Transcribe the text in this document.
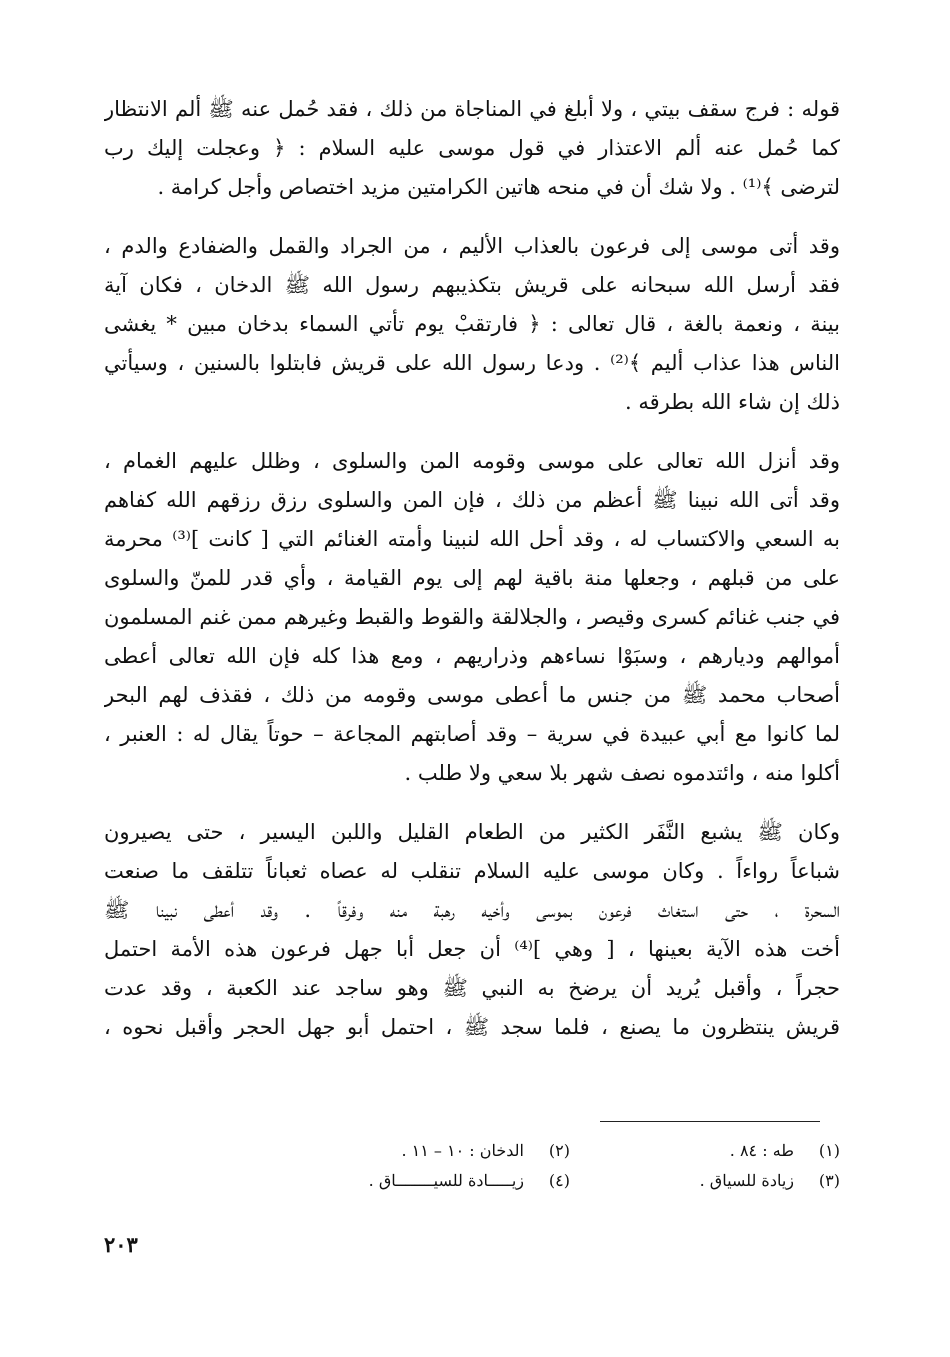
قوله : فرج سقف بيتي ، ولا أبلغ في المناجاة من ذلك ، فقد حُمل عنه ﷺ ألم الانتظار
كما حُمل عنه ألم الاعتذار في قول موسى عليه السلام : ﴿ وعجلت إليك رب
لترضى ﴾⁽¹⁾ . ولا شك أن في منحه هاتين الكرامتين مزيد اختصاص وأجل كرامة .
وقد أتى موسى إلى فرعون بالعذاب الأليم ، من الجراد والقمل والضفادع والدم ،
فقد أرسل الله سبحانه على قريش بتكذيبهم رسول الله ﷺ الدخان ، فكان آية
بينة ، ونعمة بالغة ، قال تعالى : ﴿ فارتقبْ يوم تأتي السماء بدخان مبين * يغشى
الناس هذا عذاب أليم ﴾⁽²⁾ . ودعا رسول الله على قريش فابتلوا بالسنين ، وسيأتي
ذلك إن شاء الله بطرقه .
وقد أنزل الله تعالى على موسى وقومه المن والسلوى ، وظلل عليهم الغمام ،
وقد أتى الله نبينا ﷺ أعظم من ذلك ، فإن المن والسلوى رزق رزقهم الله كفاهم
به السعي والاكتساب له ، وقد أحل الله لنبينا وأمته الغنائم التي [ كانت ]⁽³⁾ محرمة
على من قبلهم ، وجعلها منة باقية لهم إلى يوم القيامة ، وأي قدر للمنّ والسلوى
في جنب غنائم كسرى وقيصر ، والجلالقة والقوط والقبط وغيرهم ممن غنم المسلمون
أموالهم وديارهم ، وسبَوْا نساءهم وذراريهم ، ومع هذا كله فإن الله تعالى أعطى
أصحاب محمد ﷺ من جنس ما أعطى موسى وقومه من ذلك ، فقذف لهم البحر
لما كانوا مع أبي عبيدة في سرية – وقد أصابتهم المجاعة – حوتاً يقال له : العنبر ،
أكلوا منه ، وائتدموه نصف شهر بلا سعي ولا طلب .
وكان ﷺ يشبع النَّفَر الكثير من الطعام القليل واللبن اليسير ، حتى يصيرون
شباعاً رواءاً . وكان موسى عليه السلام تنقلب له عصاه ثعباناً تتلقف ما صنعت
السحرة ، حتى استغاث فرعون بموسى وأخيه رهبة منه وفرقاً . وقد أعطى نبينا ﷺ
أخت هذه الآية بعينها ، [ وهي ]⁽⁴⁾ أن جعل أبا جهل فرعون هذه الأمة احتمل
حجراً ، وأقبل يُريد أن يرضخ به النبي ﷺ وهو ساجد عند الكعبة ، وقد عدت
قريش ينتظرون ما يصنع ، فلما سجد ﷺ ، احتمل أبو جهل الحجر وأقبل نحوه ،
(١)
طه : ٨٤ .
(٢)
الدخان : ١٠ – ١١ .
(٣)
زيادة للسياق .
(٤)
زيـــــادة للسيــــــــاق .
٢٠٣
